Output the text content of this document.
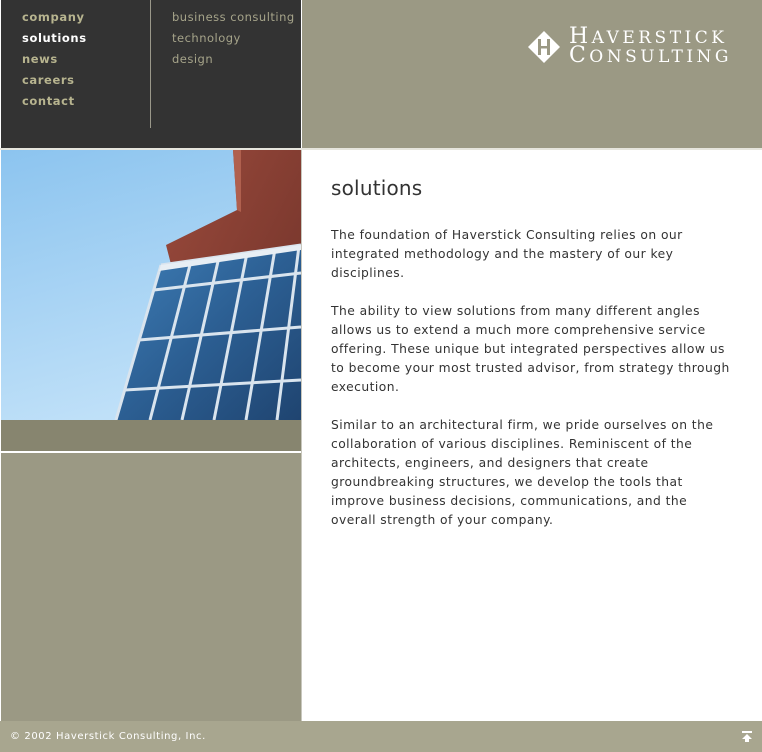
company
solutions
news
careers
contact
business consulting
technology
design
HAVERSTICK
CONSULTING
solutions

The foundation of Haverstick Consulting relies on our integrated methodology and the mastery of our key disciplines.

The ability to view solutions from many different angles allows us to extend a much more comprehensive service offering. These unique but integrated perspectives allow us to become your most trusted advisor, from strategy through execution.

Similar to an architectural firm, we pride ourselves on the collaboration of various disciplines. Reminiscent of the architects, engineers, and designers that create groundbreaking structures, we develop the tools that improve business decisions, communications, and the overall strength of your company.

© 2002 Haverstick Consulting, Inc.
